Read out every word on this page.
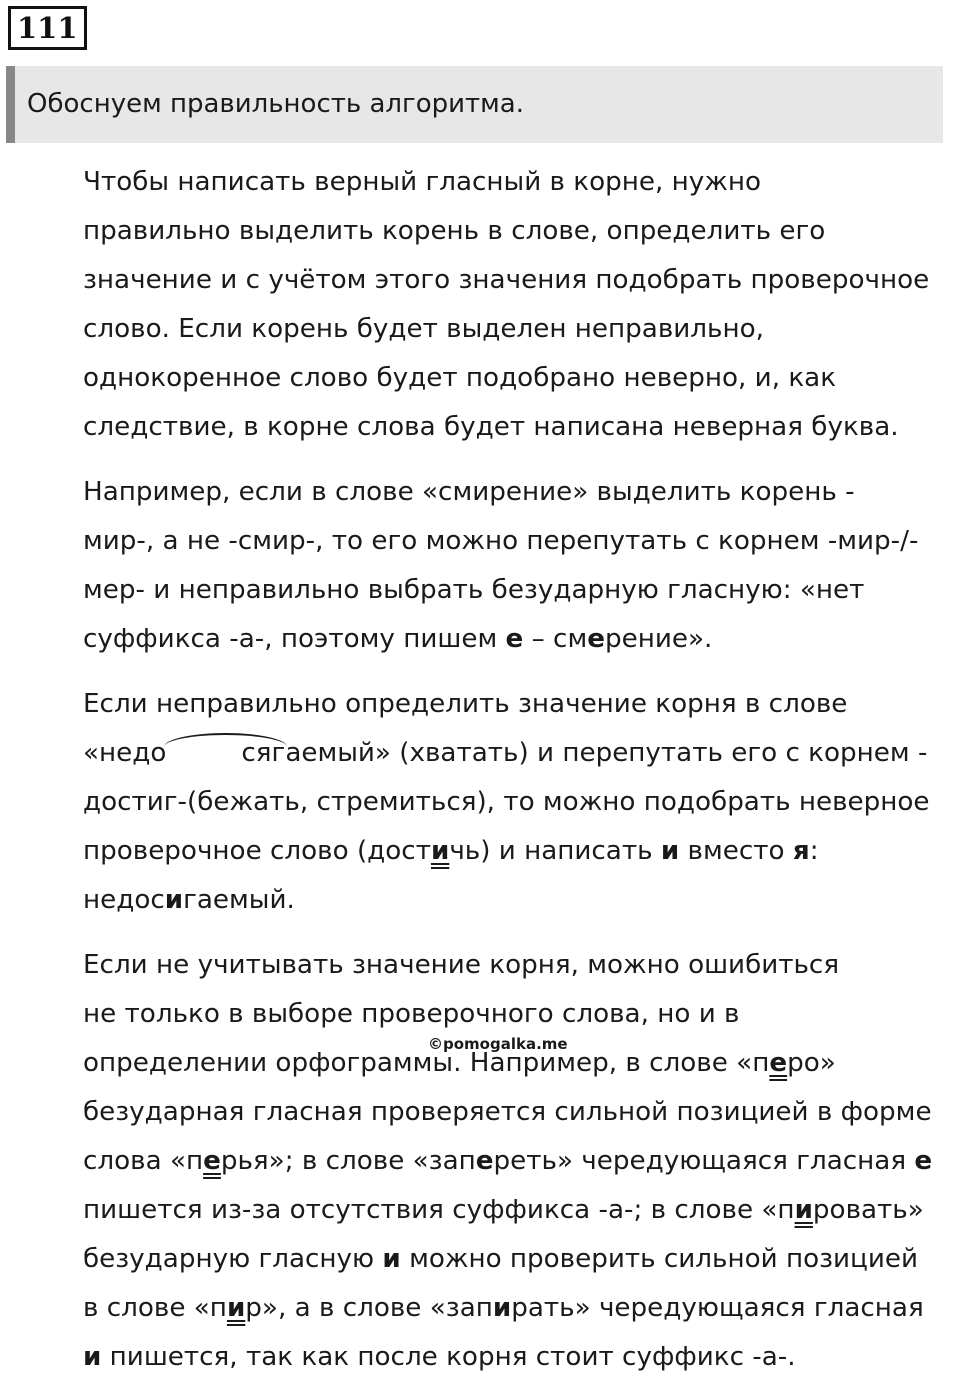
111
Обоснуем правильность алгоритма.

Чтобы написать верный гласный в корне, нужно
правильно выделить корень в слове, определить его
значение и с учётом этого значения подобрать проверочное
слово. Если корень будет выделен неправильно,
однокоренное слово будет подобрано неверно, и, как
следствие, в корне слова будет написана неверная буква.

Например, если в слове «смирение» выделить корень -
мир-, а не -смир-, то его можно перепутать с корнем -мир-/-
мер- и неправильно выбрать безударную гласную: «нет
суффикса -а-, поэтому пишем е – смерение».

Если неправильно определить значение корня в слове
«недо	сягаемый» (хватать) и перепутать его с корнем -
достиг-(бежать, стремиться), то можно подобрать неверное
проверочное слово (достичь) и написать и вместо я:
недосигаемый.

Если не учитывать значение корня, можно ошибиться
не только в выборе проверочного слова, но и в
определении орфограммы. Например, в слове «перо»
безударная гласная проверяется сильной позицией в форме
слова «перья»; в слове «запереть» чередующаяся гласная е
пишется из-за отсутствия суффикса -а-; в слове «пировать»
безударную гласную и можно проверить сильной позицией
в слове «пир», а в слове «запирать» чередующаяся гласная
и пишется, так как после корня стоит суффикс -а-.

©pomogalka.me
